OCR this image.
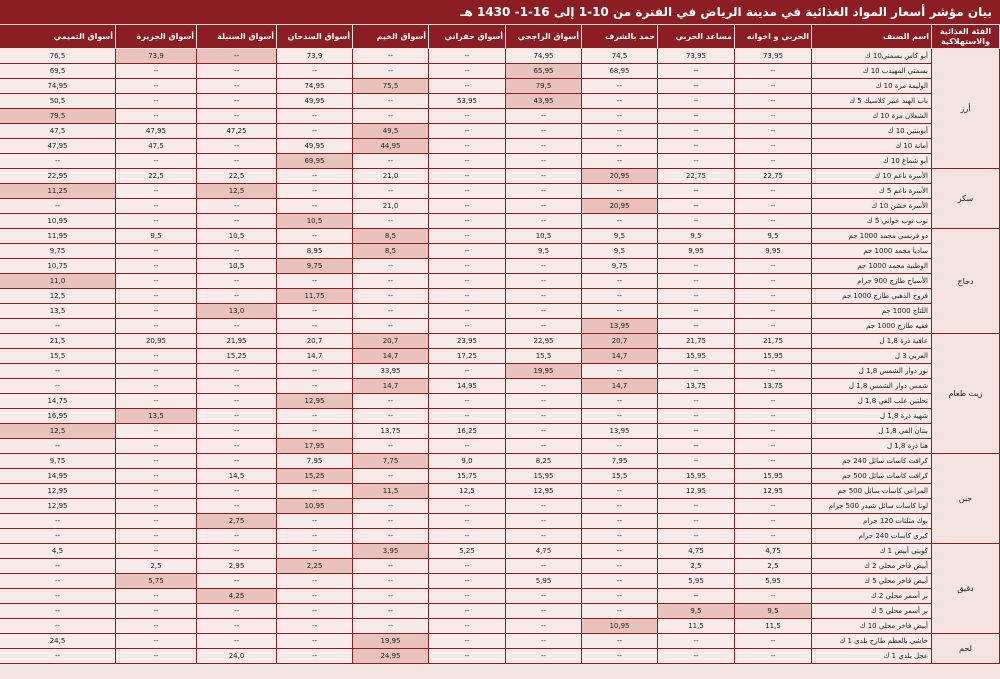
بيان مؤشر أسعار المواد الغذائية في مدينة الرياض في الفترة من 10-1 إلى 16-1- 1430 هـ
الفئة الغذائية والاستهلاكية	اسم الصنف	الحربي و اخوانه	مساعد الحربي	حمد بالشرف	أسواق الراجحي	أسواق حفراني	أسواق الخيم	أسواق السدحان	أسواق السنبلة	أسواق الجزيرة	أسواق التميمي
أرز	أبو كاس بسمتي10 ك	73,95	73,95	74,5	74,95	--	--	73,9	--	73,9	76,5
	بسمتي المهيدب 10 ك	--	--	68,95	65,95	--	--	--	--	--	69,5
	الوليمة مزة 10 ك	--	--	--	79,5	--	75,5	74,95	--	--	74,95
	باب الهند عنبر كلاسيك 5 ك	--	--	--	43,95	53,95	--	49,95	--	--	50,5
	الشعلان مزة 10 ك	--	--	--	--	--	--	--	--	--	79,5
	أبوبنتين 10 ك	--	--	--	--	--	49,5	--	47,25	47,95	47,5
	أمانة 10 ك	--	--	--	--	--	44,95	49,95	--	47,5	47,95
	أبو شماغ 10 ك	--	--	--	--	--	--	69,95	--	--	--
سكر	الأسرة ناعم 10 ك	22,75	22,75	20,95	--	--	21,0	--	22,5	22,5	22,95
	الأسرة ناعم 5 ك	--	--	--	--	--	--	--	12,5	--	11,25
	الأسرة خشن 10 ك	--	--	20,95	--	--	21,0	--	--	--	--
	توب توب خواتي 5 ك	--	--	--	--	--	--	10,5	--	--	10,95
دجاج	دو فرنسي مجمد 1000 جم	9,5	9,5	9,5	10,5	--	8,5	--	10,5	9,5	11,95
	ساديا مجمد 1000 جم	9,95	9,95	9,5	9,5	--	8,5	8,95	--	--	9,75
	الوطنية مجمد 1000 جم	--	--	9,75	--	--	--	9,75	10,5	--	10,75
	الأسياح طازج 900 جرام	--	--	--	--	--	--	--	--	--	11,0
	فروج الذهبي طازج 1000 جم	--	--	--	--	--	--	11,75	--	--	12,5
	اللتاج 1000 جم	--	--	--	--	--	--	--	13,0	--	13,5
	فقيه طازج 1000 جم	--	--	13,95	--	--	--	--	--	--	--
زيت طعام	عافية ذرة 1,8 ل	21,75	21,75	20,7	22,95	23,95	20,7	20,7	21,95	20,95	21,5
	العربي 3 ل	15,95	15,95	14,7	15,5	17,25	14,7	14,7	15,25	--	15,5
	نور دوار الشمس 1,8 ل	--	--	--	19,95	--	33,95	--	--	--	--
	شمس دوار الشمس 1,8 ل	13,75	13,75	14,7	--	14,95	14,7	--	--	--	--
	تحلتين علب الفي 1,8 ل	--	--	--	--	--	--	12,95	--	--	14,75
	شهية ذرة 1,8 ل	--	--	--	--	--	--	--	--	13,5	16,95
	بنتان الفي 1,8 ل	--	--	13,95	--	16,25	13,75	--	--	--	12,5
	هنا ذرة 1,8 ل	--	--	--	--	--	--	17,95	--	--	--
جبن	كرافت كاسات سائل 240 جم	--	--	7,95	8,25	9,0	7,75	7,95	--	--	9,75
	كرافت كاسات سائل 500 جم	15,95	15,95	15,5	15,95	15,75	--	15,25	14,5	--	14,95
	المراعي كاسات سائل 500 جم	12,95	12,95	--	12,95	12,5	11,5	--	--	--	12,95
	لونا كاسات سائل شيدر 500 جرام	--	--	--	--	--	--	10,95	--	--	12,95
	بوك مثلثات 120 جرام	--	--	--	--	--	--	--	2,75	--	--
	كيري كاسات 240 جرام	--	--	--	--	--	--	--	--	--	--
دقيق	كويتي أبيض 1 ك	4,75	4,75	--	4,75	5,25	3,95	--	--	--	4,5
	أبيض فاخر محلي 2 ك	2,5	2,5	--	--	--	--	2,25	2,95	2,5	--
	أبيض فاخر محلي 5 ك	5,95	5,95	--	5,95	--	--	--	--	5,75	--
	بر أسمر محلي 2 ك	--	--	--	--	--	--	--	4,25	--	--
	بر أسمر محلي 5 ك	9,5	9,5	--	--	--	--	--	--	--	--
	أبيض فاخر محلي 10 ك	11,5	11,5	10,95	--	--	--	--	--	--	--
لحم	خاشي بالعظم طازج بلدي 1 ك	--	--	--	--	--	19,95	--	--	--	24,5
	عجل بلدي 1 ك	--	--	--	--	--	24,95	--	24,0	--	--
